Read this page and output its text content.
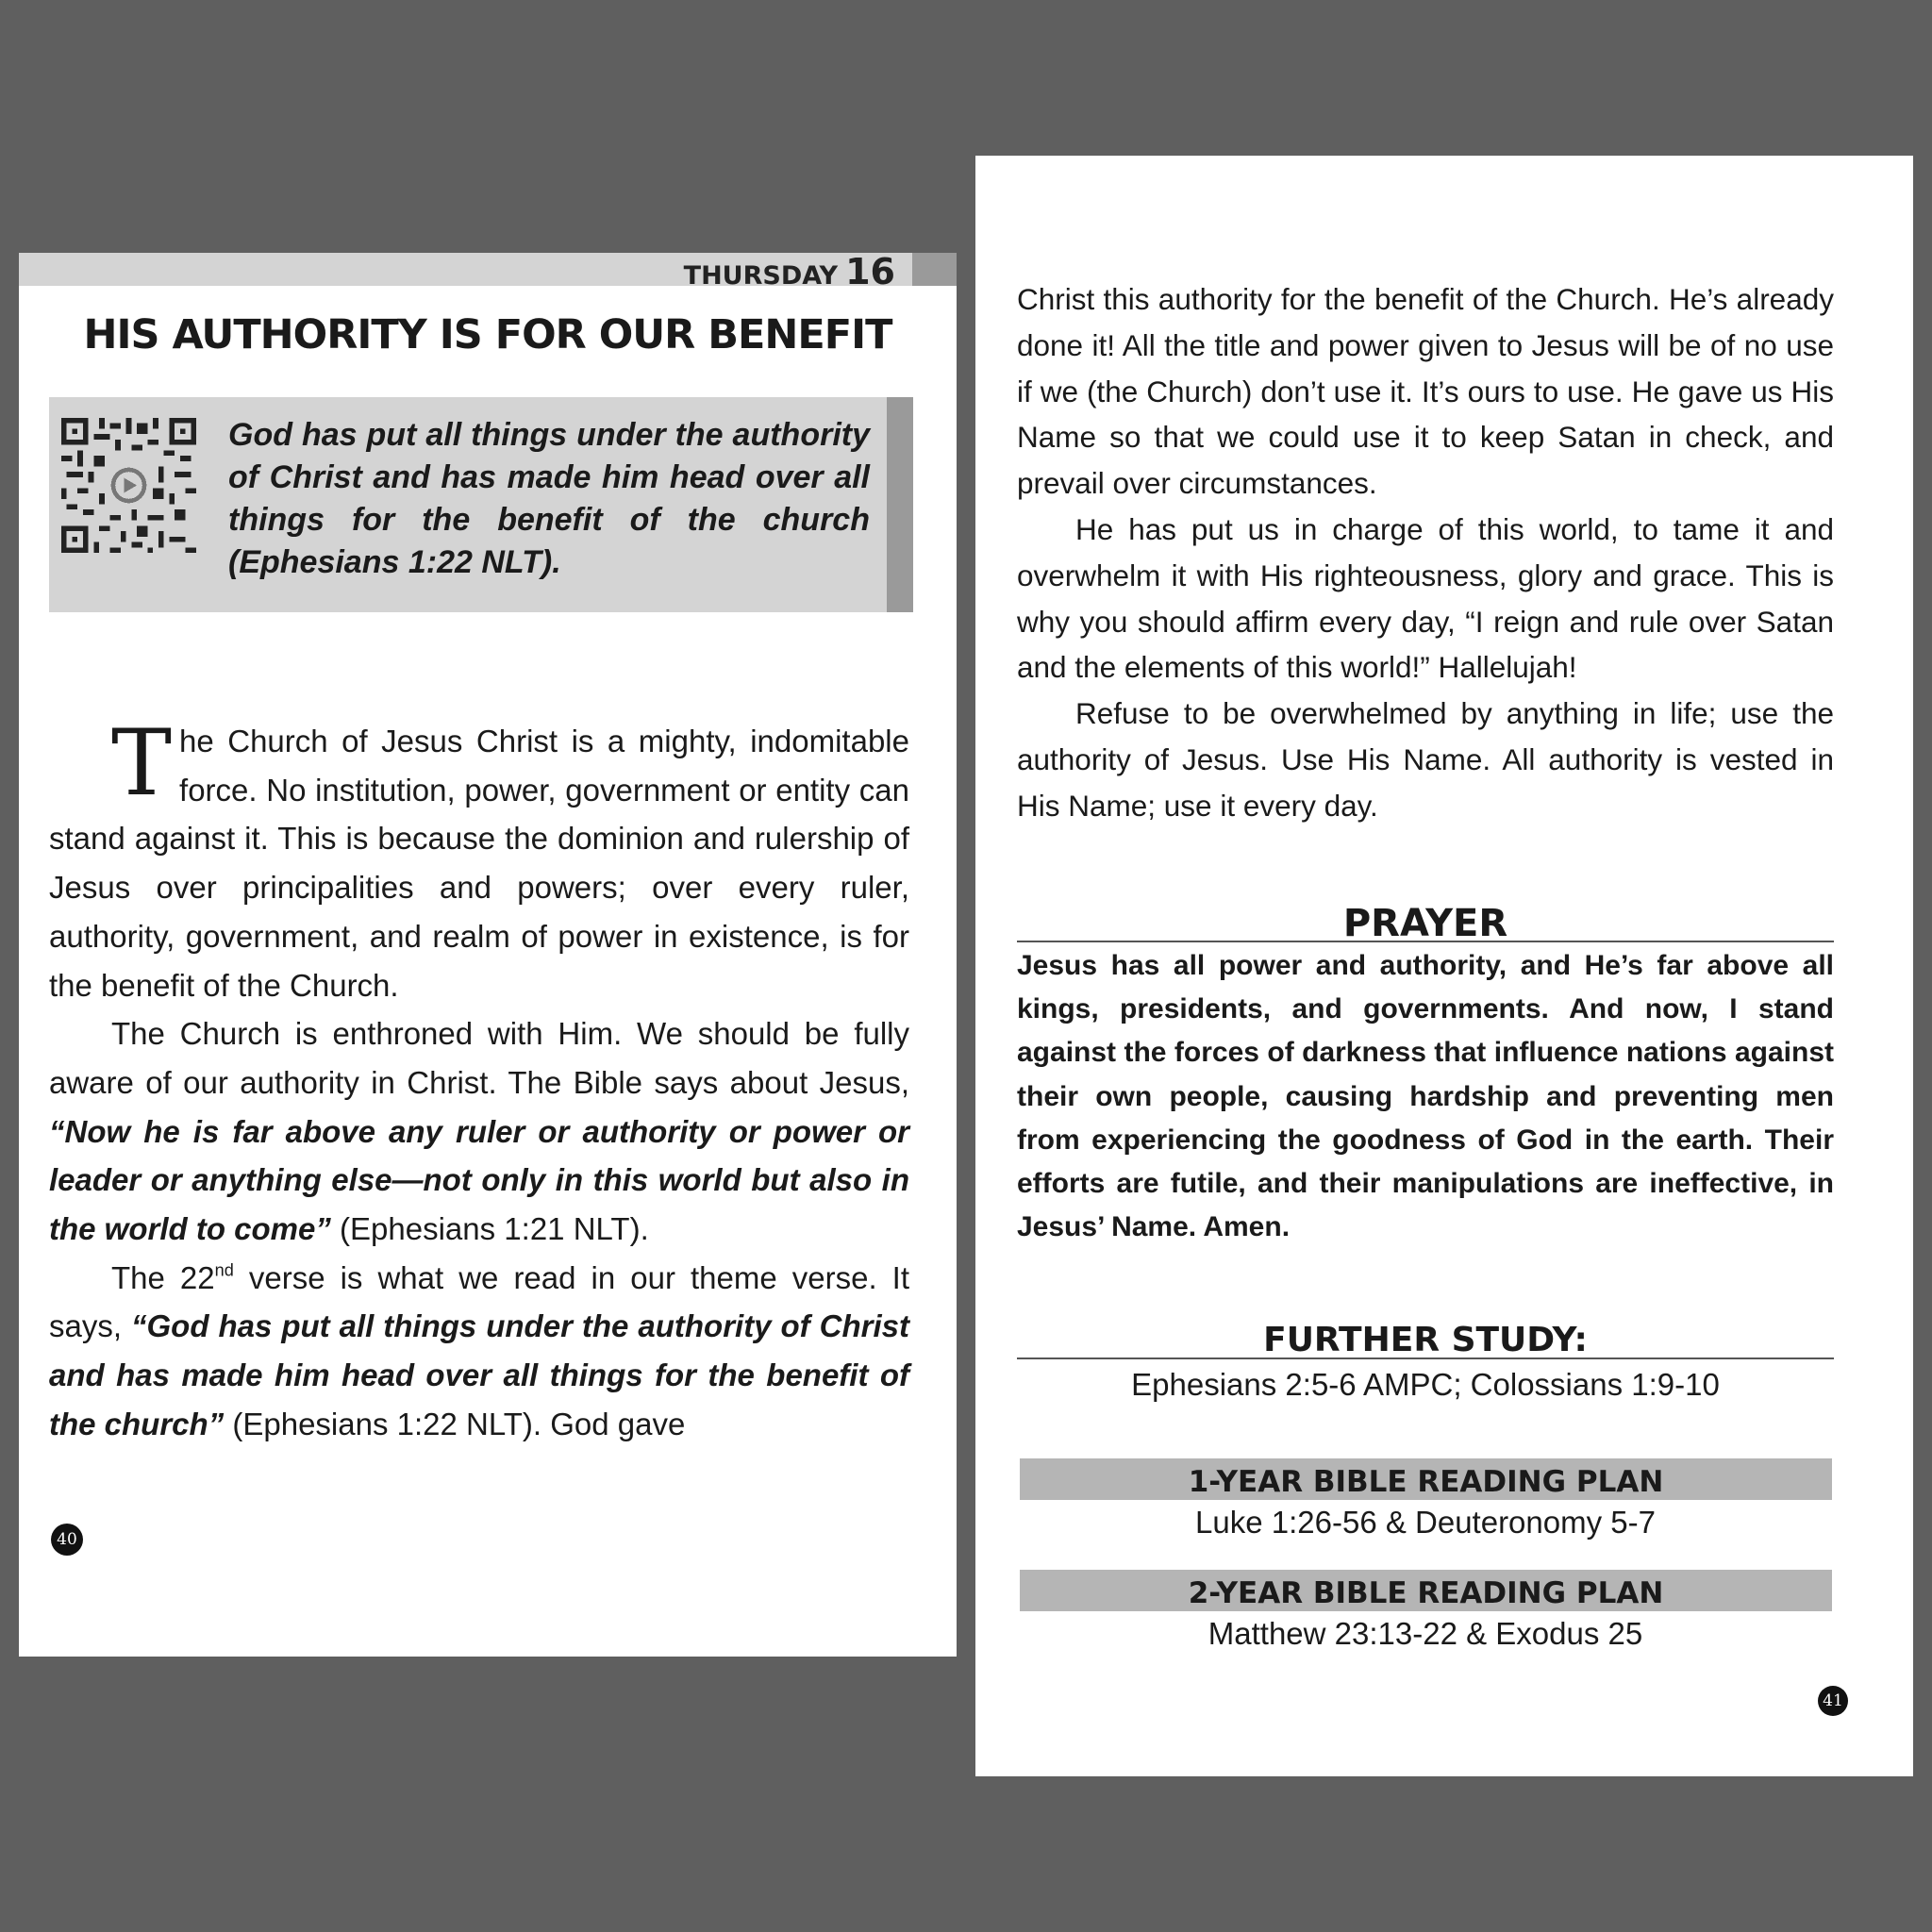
THURSDAY 16
HIS AUTHORITY IS FOR OUR BENEFIT

God has put all things under the authority of Christ and has made him head over all things for the benefit of the church (Ephesians 1:22 NLT).

The Church of Jesus Christ is a mighty, indomitable force. No institution, power, government or entity can stand against it. This is because the dominion and rulership of Jesus over principalities and powers; over every ruler, authority, government, and realm of power in existence, is for the benefit of the Church.

The Church is enthroned with Him. We should be fully aware of our authority in Christ. The Bible says about Jesus, “Now he is far above any ruler or authority or power or leader or anything else—not only in this world but also in the world to come” (Ephesians 1:21 NLT).

The 22nd verse is what we read in our theme verse. It says, “God has put all things under the authority of Christ and has made him head over all things for the benefit of the church” (Ephesians 1:22 NLT). God gave

40

Christ this authority for the benefit of the Church. He’s already done it! All the title and power given to Jesus will be of no use if we (the Church) don’t use it. It’s ours to use. He gave us His Name so that we could use it to keep Satan in check, and prevail over circumstances.

He has put us in charge of this world, to tame it and overwhelm it with His righteousness, glory and grace. This is why you should affirm every day, “I reign and rule over Satan and the elements of this world!” Hallelujah!

Refuse to be overwhelmed by anything in life; use the authority of Jesus. Use His Name. All authority is vested in His Name; use it every day.

PRAYER

Jesus has all power and authority, and He’s far above all kings, presidents, and governments. And now, I stand against the forces of darkness that influence nations against their own people, causing hardship and preventing men from experiencing the goodness of God in the earth. Their efforts are futile, and their manipulations are ineffective, in Jesus’ Name. Amen.

FURTHER STUDY:

Ephesians 2:5-6 AMPC; Colossians 1:9-10

1-YEAR BIBLE READING PLAN

Luke 1:26-56 & Deuteronomy 5-7

2-YEAR BIBLE READING PLAN

Matthew 23:13-22 & Exodus 25

41
